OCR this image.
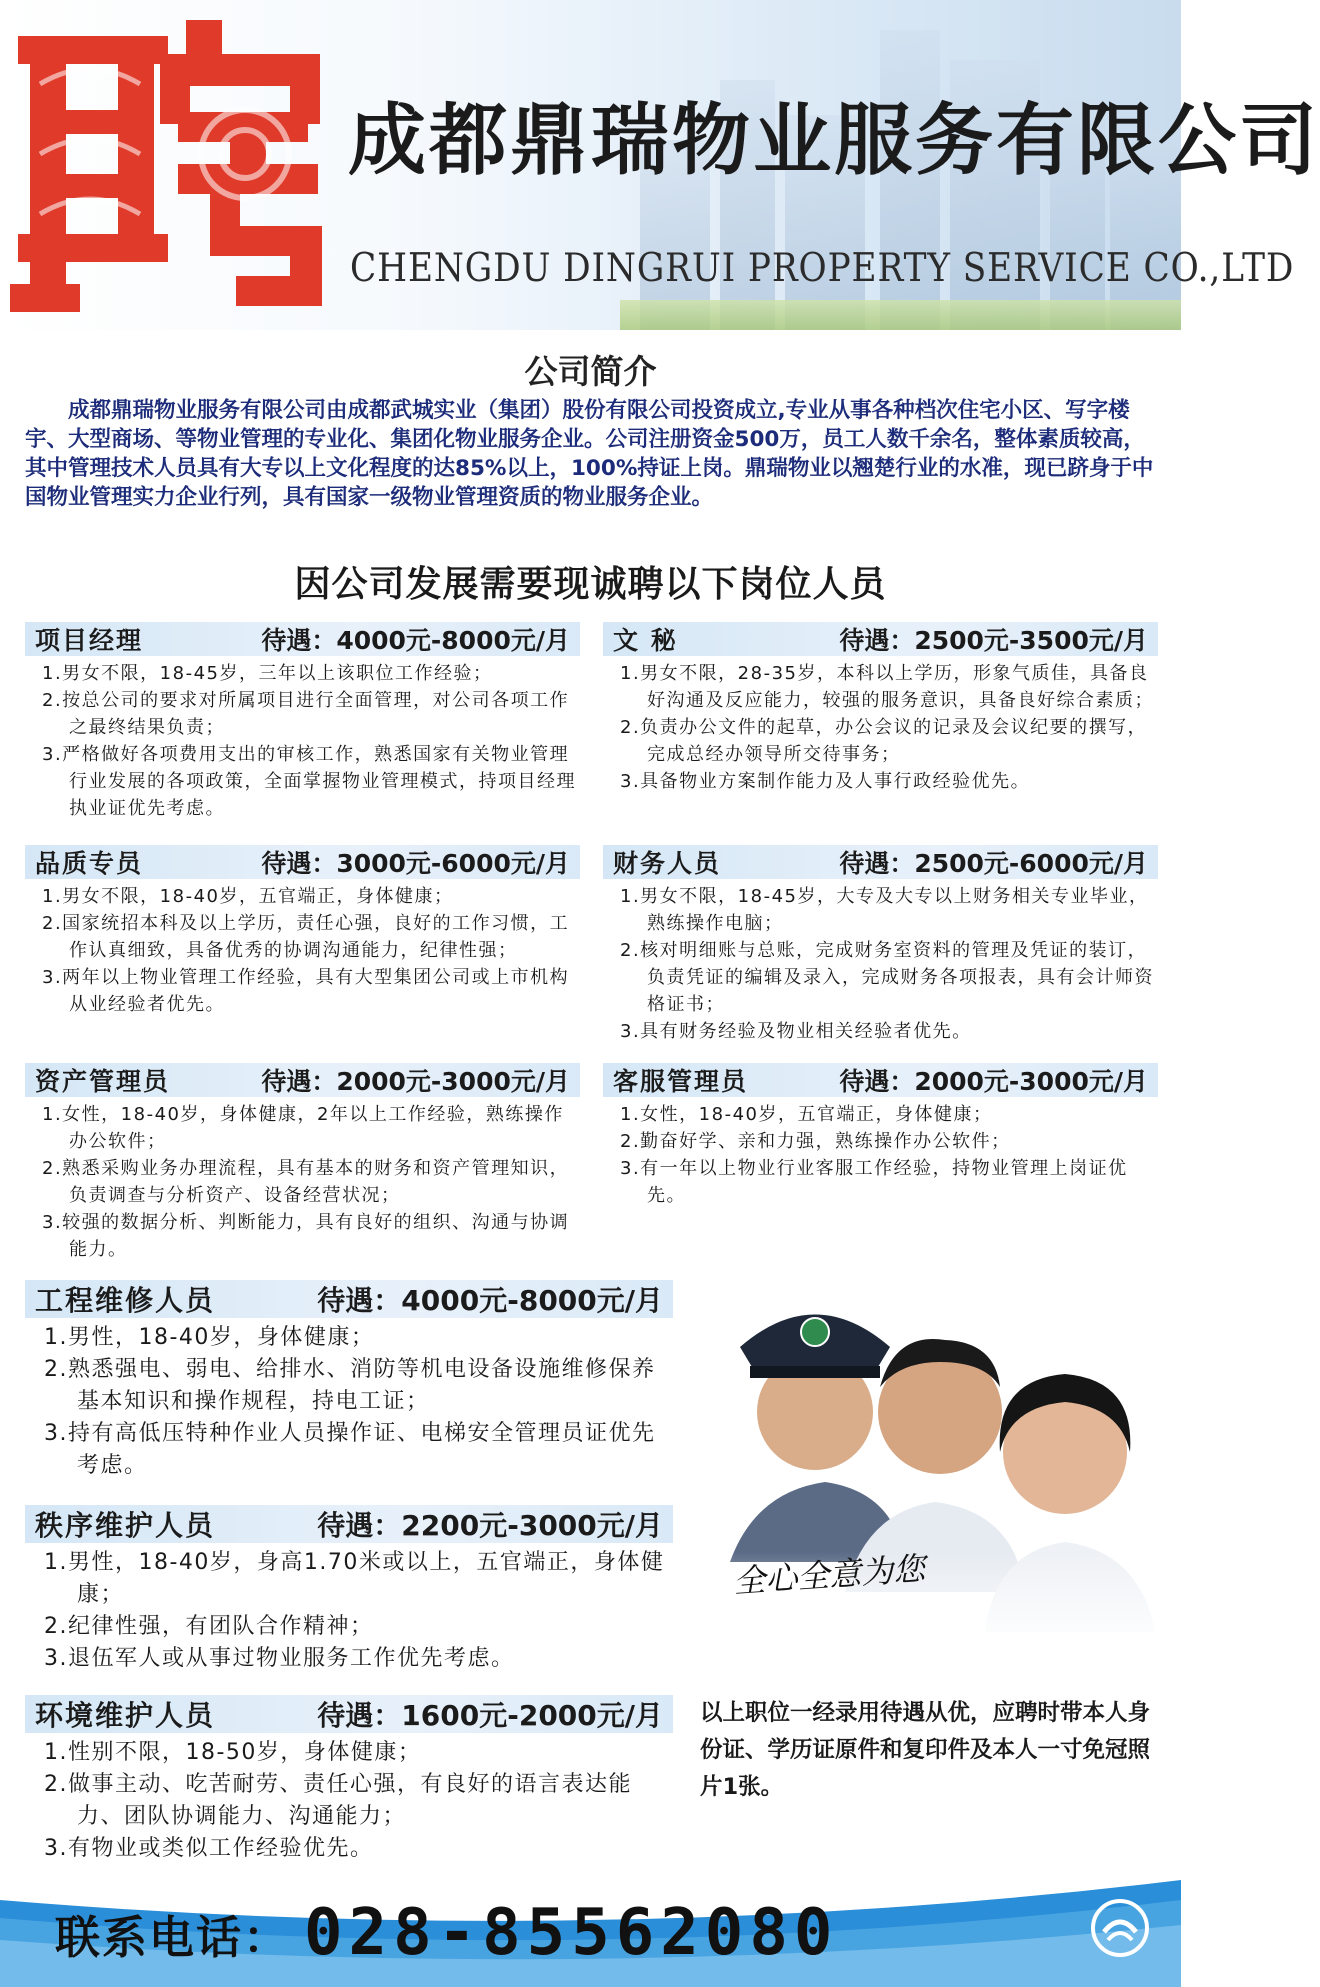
成都鼎瑞物业服务有限公司
CHENGDU DINGRUI PROPERTY SERVICE CO.,LTD
公司简介
成都鼎瑞物业服务有限公司由成都武城实业（集团）股份有限公司投资成立,专业从事各种档次住宅小区、写字楼宇、大型商场、等物业管理的专业化、集团化物业服务企业。公司注册资金500万，员工人数千余名，整体素质较高，其中管理技术人员具有大专以上文化程度的达85%以上，100%持证上岗。鼎瑞物业以翘楚行业的水准，现已跻身于中国物业管理实力企业行列，具有国家一级物业管理资质的物业服务企业。
因公司发展需要现诚聘以下岗位人员
项目经理	待遇：4000元-8000元/月
1.男女不限，18-45岁，三年以上该职位工作经验；
2.按总公司的要求对所属项目进行全面管理，对公司各项工作之最终结果负责；
3.严格做好各项费用支出的审核工作，熟悉国家有关物业管理行业发展的各项政策，全面掌握物业管理模式，持项目经理执业证优先考虑。
品质专员	待遇：3000元-6000元/月
1.男女不限，18-40岁，五官端正，身体健康；
2.国家统招本科及以上学历，责任心强，良好的工作习惯，工作认真细致，具备优秀的协调沟通能力，纪律性强；
3.两年以上物业管理工作经验，具有大型集团公司或上市机构从业经验者优先。
资产管理员	待遇：2000元-3000元/月
1.女性，18-40岁，身体健康，2年以上工作经验，熟练操作办公软件；
2.熟悉采购业务办理流程，具有基本的财务和资产管理知识，负责调查与分析资产、设备经营状况；
3.较强的数据分析、判断能力，具有良好的组织、沟通与协调能力。
文 秘	待遇：2500元-3500元/月
1.男女不限，28-35岁，本科以上学历，形象气质佳，具备良好沟通及反应能力，较强的服务意识，具备良好综合素质；
2.负责办公文件的起草，办公会议的记录及会议纪要的撰写，完成总经办领导所交待事务；
3.具备物业方案制作能力及人事行政经验优先。
财务人员	待遇：2500元-6000元/月
1.男女不限，18-45岁，大专及大专以上财务相关专业毕业，熟练操作电脑；
2.核对明细账与总账，完成财务室资料的管理及凭证的装订，负责凭证的编辑及录入，完成财务各项报表，具有会计师资格证书；
3.具有财务经验及物业相关经验者优先。
客服管理员	待遇：2000元-3000元/月
1.女性，18-40岁，五官端正，身体健康；
2.勤奋好学、亲和力强，熟练操作办公软件；
3.有一年以上物业行业客服工作经验，持物业管理上岗证优先。
工程维修人员	待遇：4000元-8000元/月
1.男性，18-40岁，身体健康；
2.熟悉强电、弱电、给排水、消防等机电设备设施维修保养基本知识和操作规程，持电工证；
3.持有高低压特种作业人员操作证、电梯安全管理员证优先考虑。
秩序维护人员	待遇：2200元-3000元/月
1.男性，18-40岁，身高1.70米或以上，五官端正，身体健康；
2.纪律性强，有团队合作精神；
3.退伍军人或从事过物业服务工作优先考虑。
环境维护人员	待遇：1600元-2000元/月
1.性别不限，18-50岁，身体健康；
2.做事主动、吃苦耐劳、责任心强，有良好的语言表达能力、团队协调能力、沟通能力；
3.有物业或类似工作经验优先。
全心全意为您
以上职位一经录用待遇从优，应聘时带本人身份证、学历证原件和复印件及本人一寸免冠照片1张。
联系电话： 028-85562080
